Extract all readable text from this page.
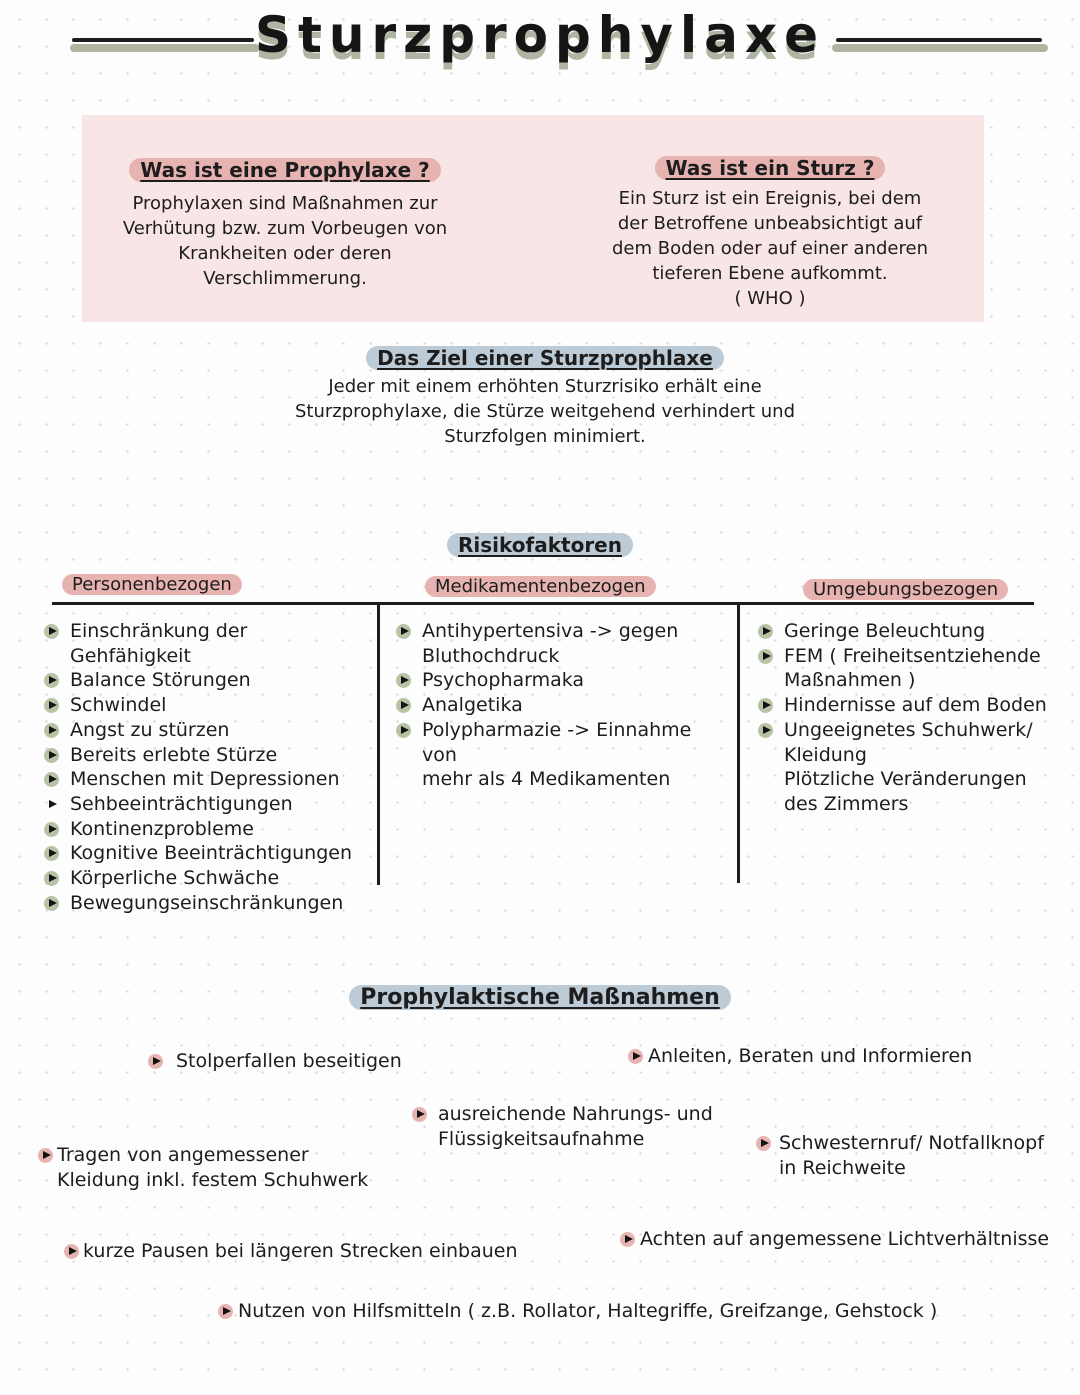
Sturzprophylaxe
Was ist eine Prophylaxe ?
Prophylaxen sind Maßnahmen zur
Verhütung bzw. zum Vorbeugen von
Krankheiten oder deren
Verschlimmerung.
Was ist ein Sturz ?
Ein Sturz ist ein Ereignis, bei dem
der Betroffene unbeabsichtigt auf
dem Boden oder auf einer anderen
tieferen Ebene aufkommt.
( WHO )
Das Ziel einer Sturzprophlaxe
Jeder mit einem erhöhten Sturzrisiko erhält eine
Sturzprophylaxe, die Stürze weitgehend verhindert und
Sturzfolgen minimiert.
Risikofaktoren
Personenbezogen	Medikamentenbezogen	Umgebungsbezogen
Einschränkung der Gehfähigkeit
Balance Störungen
Schwindel
Angst zu stürzen
Bereits erlebte Stürze
Menschen mit Depressionen
Sehbeeinträchtigungen
Kontinenzprobleme
Kognitive Beeinträchtigungen
Körperliche Schwäche
Bewegungseinschränkungen
Antihypertensiva -> gegen
Bluthochdruck
Psychopharmaka
Analgetika
Polypharmazie -> Einnahme von
mehr als 4 Medikamenten
Geringe Beleuchtung
FEM ( Freiheitsentziehende
Maßnahmen )
Hindernisse auf dem Boden
Ungeeignetes Schuhwerk/
Kleidung
Plötzliche Veränderungen
des Zimmers
Prophylaktische Maßnahmen
Stolperfallen beseitigen	Anleiten, Beraten und Informieren
ausreichende Nahrungs- und
Flüssigkeitsaufnahme
Tragen von angemessener
Kleidung inkl. festem Schuhwerk
Schwesternruf/ Notfallknopf
in Reichweite
kurze Pausen bei längeren Strecken einbauen
Achten auf angemessene Lichtverhältnisse
Nutzen von Hilfsmitteln ( z.B. Rollator, Haltegriffe, Greifzange, Gehstock )
